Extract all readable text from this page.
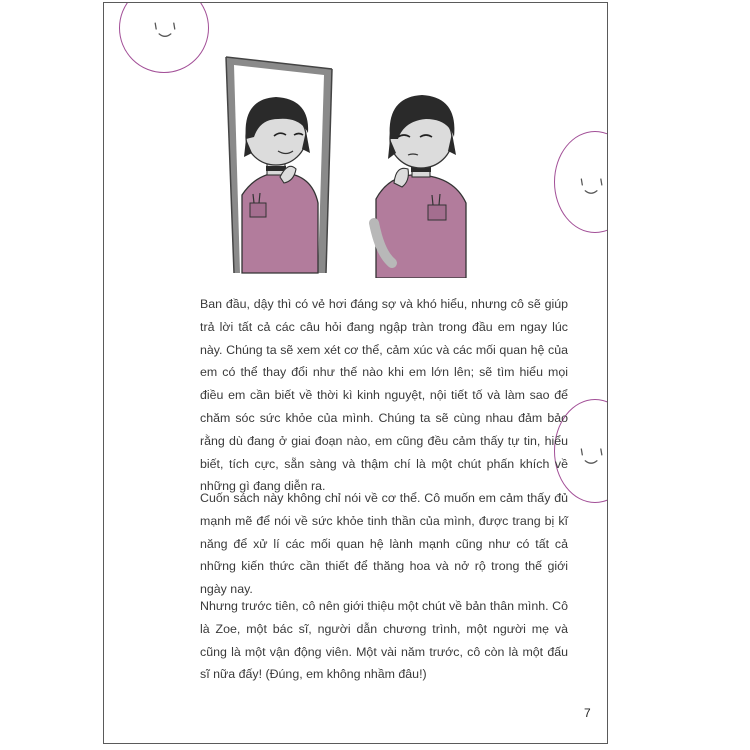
Ban đầu, dậy thì có vẻ hơi đáng sợ và khó hiểu, nhưng cô sẽ giúp trả lời tất cả các câu hỏi đang ngập tràn trong đầu em ngay lúc này. Chúng ta sẽ xem xét cơ thể, cảm xúc và các mối quan hệ của em có thể thay đổi như thế nào khi em lớn lên; sẽ tìm hiểu mọi điều em cần biết về thời kì kinh nguyệt, nội tiết tố và làm sao để chăm sóc sức khỏe của mình. Chúng ta sẽ cùng nhau đảm bảo rằng dù đang ở giai đoạn nào, em cũng đều cảm thấy tự tin, hiểu biết, tích cực, sẵn sàng và thậm chí là một chút phấn khích về những gì đang diễn ra.

Cuốn sách này không chỉ nói về cơ thể. Cô muốn em cảm thấy đủ mạnh mẽ để nói về sức khỏe tinh thần của mình, được trang bị kĩ năng để xử lí các mối quan hệ lành mạnh cũng như có tất cả những kiến thức cần thiết để thăng hoa và nở rộ trong thế giới ngày nay.

Nhưng trước tiên, cô nên giới thiệu một chút về bản thân mình. Cô là Zoe, một bác sĩ, người dẫn chương trình, một người mẹ và cũng là một vận động viên. Một vài năm trước, cô còn là một đấu sĩ nữa đấy! (Đúng, em không nhầm đâu!)

7
